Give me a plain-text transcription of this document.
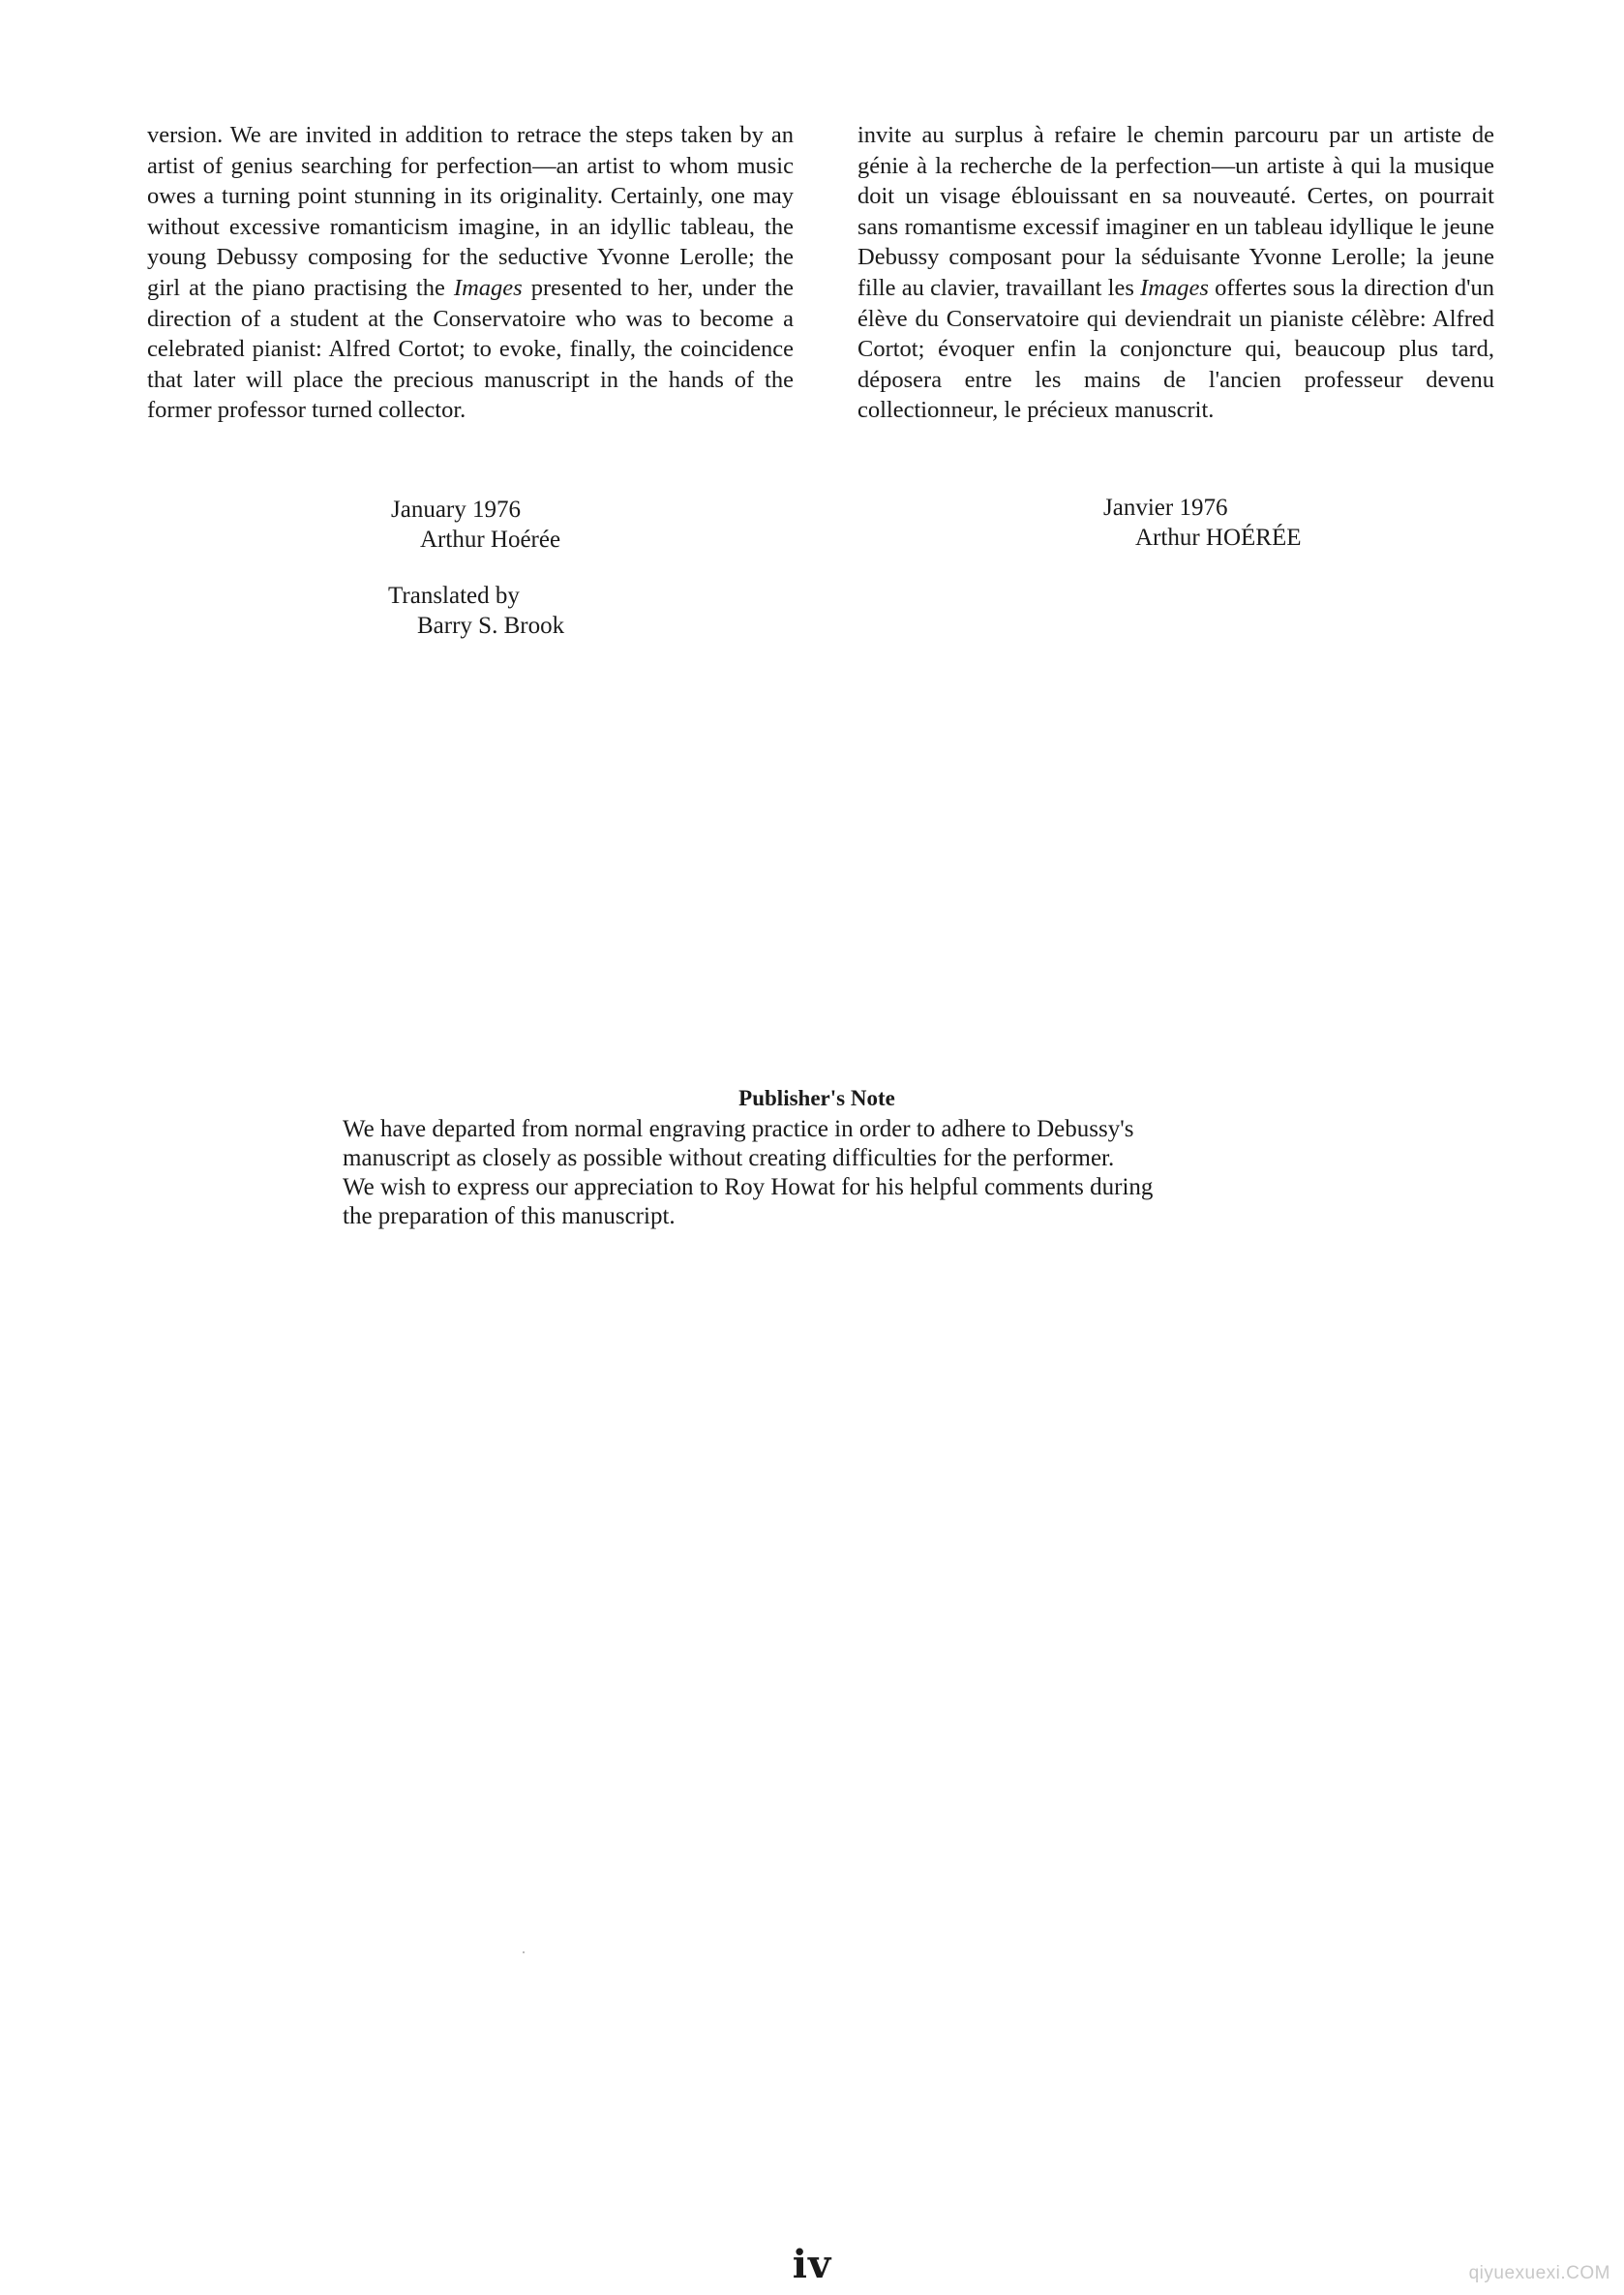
version. We are invited in addition to retrace the steps taken by an artist of genius searching for perfection—an artist to whom music owes a turning point stunning in its originality. Certainly, one may without excessive romanticism imagine, in an idyllic tableau, the young Debussy composing for the seductive Yvonne Lerolle; the girl at the piano practising the Images presented to her, under the direction of a student at the Conservatoire who was to become a celebrated pianist: Alfred Cortot; to evoke, finally, the coincidence that later will place the precious manuscript in the hands of the former professor turned collector.

invite au surplus à refaire le chemin parcouru par un artiste de génie à la recherche de la perfection—un artiste à qui la musique doit un visage éblouissant en sa nouveauté. Certes, on pourrait sans romantisme excessif imaginer en un tableau idyllique le jeune Debussy composant pour la séduisante Yvonne Lerolle; la jeune fille au clavier, travaillant les Images offertes sous la direction d'un élève du Conservatoire qui deviendrait un pianiste célèbre: Alfred Cortot; évoquer enfin la conjoncture qui, beaucoup plus tard, déposera entre les mains de l'ancien professeur devenu collectionneur, le précieux manuscrit.

January 1976
Arthur Hoérée
Translated by
Barry S. Brook
Janvier 1976
Arthur HOÉRÉE
Publisher's Note
We have departed from normal engraving practice in order to adhere to Debussy's
manuscript as closely as possible without creating difficulties for the performer.
We wish to express our appreciation to Roy Howat for his helpful comments during
the preparation of this manuscript.
iv	qiyuexuexi.COM
